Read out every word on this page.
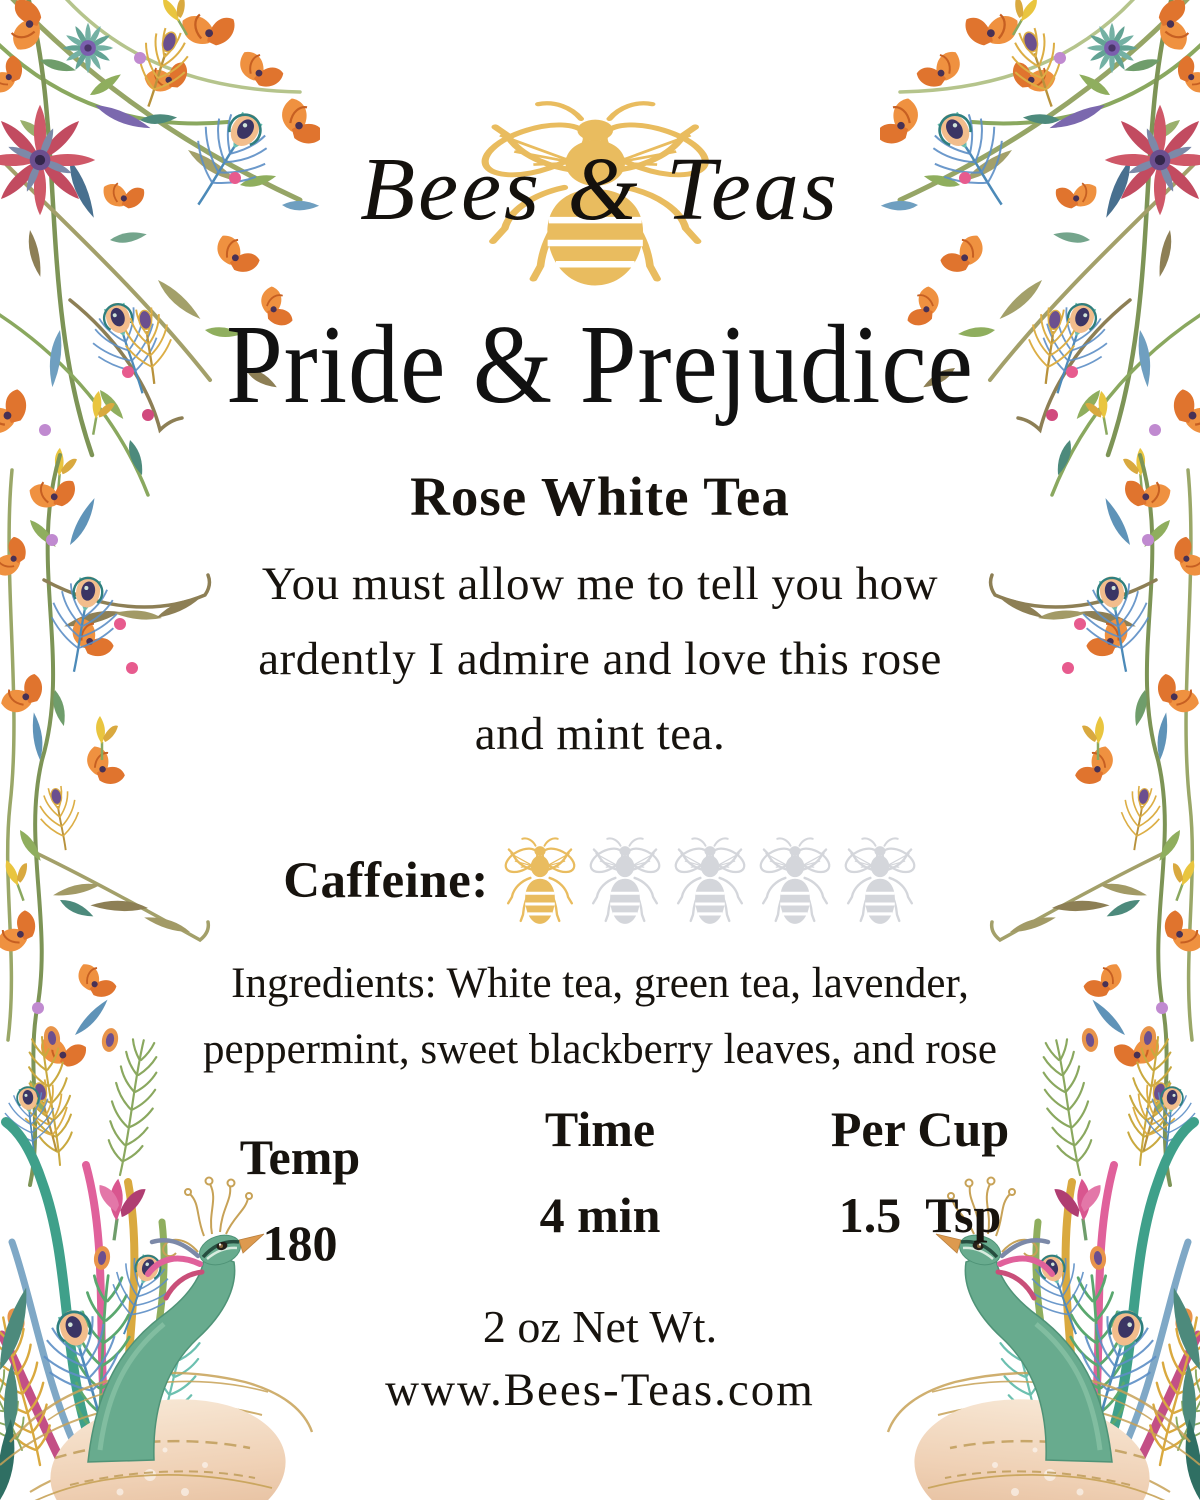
Bees & Teas
Pride & Prejudice
Rose White Tea
You must allow me to tell you how
ardently I admire and love this rose
and mint tea.
Caffeine:
Ingredients: White tea, green tea, lavender,
peppermint, sweet blackberry leaves, and rose
Temp
180
Time
4 min
Per Cup
1.5  Tsp
2 oz Net Wt.
www.Bees-Teas.com
